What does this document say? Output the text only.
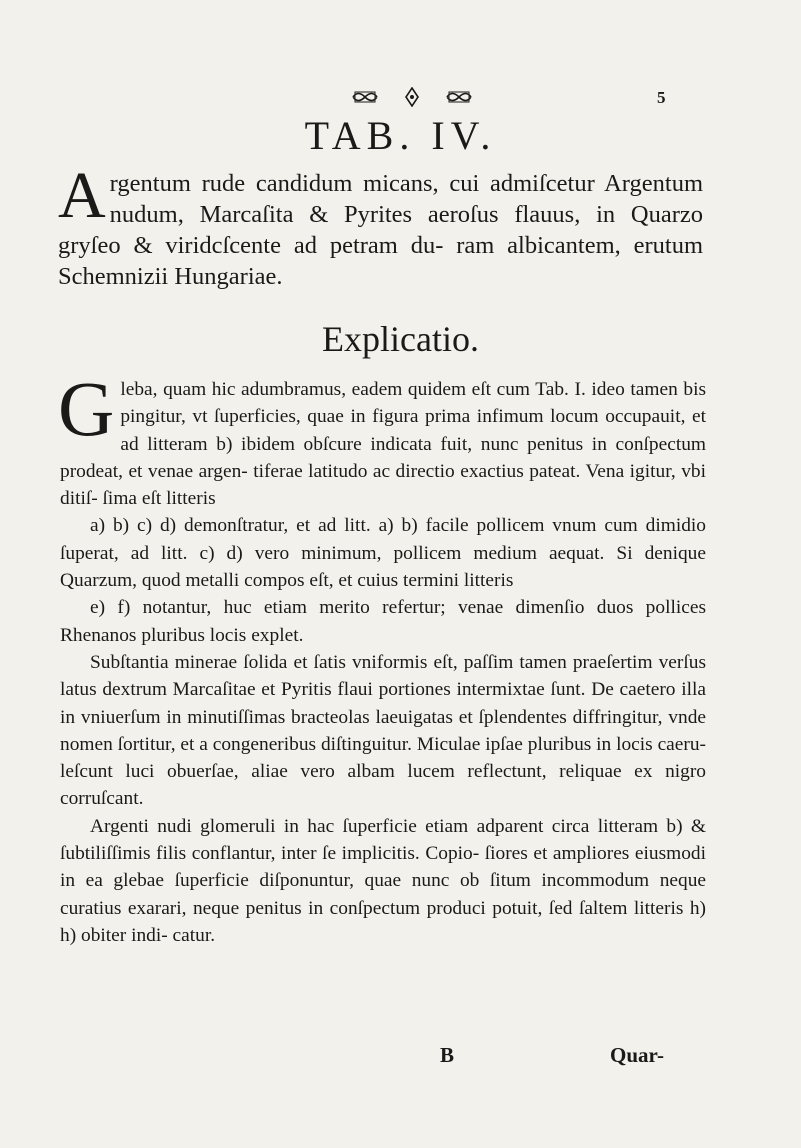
5
TAB. IV.
Argentum rude candidum micans, cui admiſcetur Argentum nudum, Marcaſita & Pyrites aeroſus flauus, in Quarzo gryſeo & viridcſcente ad petram du- ram albicantem, erutum Schemnizii Hungariae.
Explicatio.

Gleba, quam hic adumbramus, eadem quidem eſt cum Tab. I. ideo tamen bis pingitur, vt ſuperficies, quae in figura prima infimum locum occupauit, et ad litteram b) ibidem obſcure indicata fuit, nunc penitus in conſpectum prodeat, et venae argen- tiferae latitudo ac directio exactius pateat. Vena igitur, vbi ditiſ- ſima eſt litteris

a) b) c) d) demonſtratur, et ad litt. a) b) facile pollicem vnum cum dimidio ſuperat, ad litt. c) d) vero minimum, pollicem medium aequat. Si denique Quarzum, quod metalli compos eſt, et cuius termini litteris

e) f) notantur, huc etiam merito refertur; venae dimenſio duos pollices Rhenanos pluribus locis explet.

Subſtantia minerae ſolida et ſatis vniformis eſt, paſſim tamen praeſertim verſus latus dextrum Marcaſitae et Pyritis flaui portiones intermixtae ſunt. De caetero illa in vniuerſum in minutiſſimas bracteolas laeuigatas et ſplendentes diffringitur, vnde nomen ſortitur, et a congeneribus diſtinguitur. Miculae ipſae pluribus in locis caeru- leſcunt luci obuerſae, aliae vero albam lucem reflectunt, reliquae ex nigro corruſcant.

Argenti nudi glomeruli in hac ſuperficie etiam adparent circa litteram b) & ſubtiliſſimis filis conflantur, inter ſe implicitis. Copio- ſiores et ampliores eiusmodi in ea glebae ſuperficie diſponuntur, quae nunc ob ſitum incommodum neque curatius exarari, neque penitus in conſpectum produci potuit, ſed ſaltem litteris h) h) obiter indi- catur.

B	Quar-
